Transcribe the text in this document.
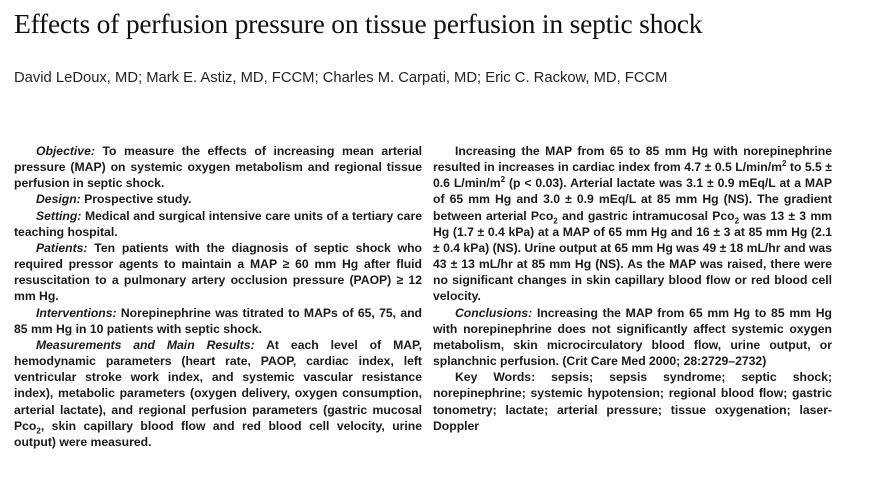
Effects of perfusion pressure on tissue perfusion in septic shock
David LeDoux, MD; Mark E. Astiz, MD, FCCM; Charles M. Carpati, MD; Eric C. Rackow, MD, FCCM

Objective: To measure the effects of increasing mean arterial pressure (MAP) on systemic oxygen metabolism and regional tissue perfusion in septic shock.

Design: Prospective study.

Setting: Medical and surgical intensive care units of a tertiary care teaching hospital.

Patients: Ten patients with the diagnosis of septic shock who required pressor agents to maintain a MAP ≥ 60 mm Hg after fluid resuscitation to a pulmonary artery occlusion pressure (PAOP) ≥ 12 mm Hg.

Interventions: Norepinephrine was titrated to MAPs of 65, 75, and 85 mm Hg in 10 patients with septic shock.

Measurements and Main Results: At each level of MAP, hemodynamic parameters (heart rate, PAOP, cardiac index, left ventricular stroke work index, and systemic vascular resistance index), metabolic parameters (oxygen delivery, oxygen consumption, arterial lactate), and regional perfusion parameters (gastric mucosal Pco$_2$, skin capillary blood flow and red blood cell velocity, urine output) were measured.

Increasing the MAP from 65 to 85 mm Hg with norepinephrine resulted in increases in cardiac index from 4.7 ± 0.5 $L/\min/m^2$ to 5.5 ± 0.6 $L/\min/m^2$ (p < 0.03). Arterial lactate was 3.1 ± 0.9 mEq/L at a MAP of 65 mm Hg and 3.0 ± 0.9 mEq/L at 85 mm Hg (NS). The gradient between arterial Pco$_2$ and gastric intramucosal Pco$_2$ was 13 ± 3 mm Hg (1.7 ± 0.4 kPa) at a MAP of 65 mm Hg and 16 ± 3 at 85 mm Hg (2.1 ± 0.4 kPa) (NS). Urine output at 65 mm Hg was 49 ± 18 mL/hr and was 43 ± 13 mL/hr at 85 mm Hg (NS). As the MAP was raised, there were no significant changes in skin capillary blood flow or red blood cell velocity.

Conclusions: Increasing the MAP from 65 mm Hg to 85 mm Hg with norepinephrine does not significantly affect systemic oxygen metabolism, skin microcirculatory blood flow, urine output, or splanchnic perfusion. (Crit Care Med 2000; 28:2729–2732)

Key Words: sepsis; sepsis syndrome; septic shock; norepinephrine; systemic hypotension; regional blood flow; gastric tonometry; lactate; arterial pressure; tissue oxygenation; laser-Doppler
